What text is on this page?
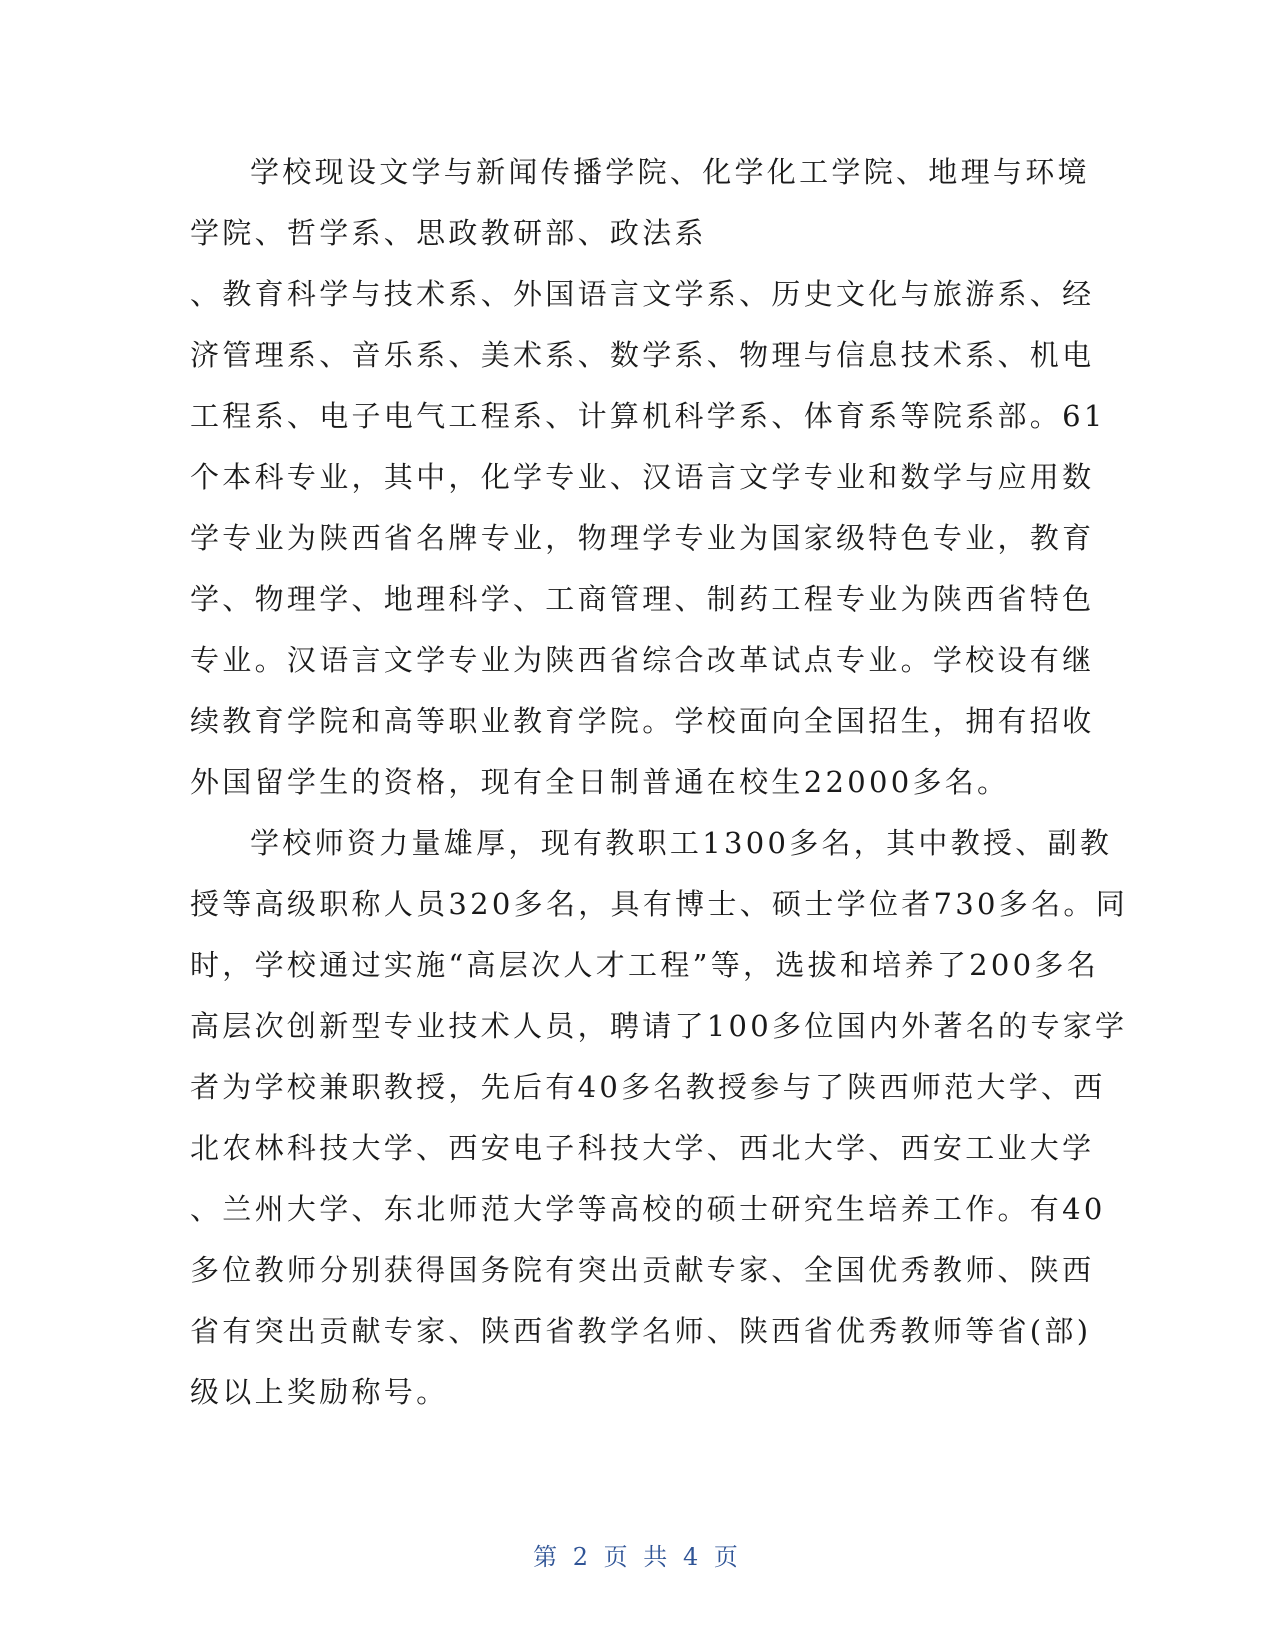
学校现设文学与新闻传播学院、化学化工学院、地理与环境
学院、哲学系、思政教研部、政法系
、教育科学与技术系、外国语言文学系、历史文化与旅游系、经
济管理系、音乐系、美术系、数学系、物理与信息技术系、机电
工程系、电子电气工程系、计算机科学系、体育系等院系部。61
个本科专业，其中，化学专业、汉语言文学专业和数学与应用数
学专业为陕西省名牌专业，物理学专业为国家级特色专业，教育
学、物理学、地理科学、工商管理、制药工程专业为陕西省特色
专业。汉语言文学专业为陕西省综合改革试点专业。学校设有继
续教育学院和高等职业教育学院。学校面向全国招生，拥有招收
外国留学生的资格，现有全日制普通在校生22000多名。
学校师资力量雄厚，现有教职工1300多名，其中教授、副教
授等高级职称人员320多名，具有博士、硕士学位者730多名。同
时，学校通过实施“高层次人才工程”等，选拔和培养了200多名
高层次创新型专业技术人员，聘请了100多位国内外著名的专家学
者为学校兼职教授，先后有40多名教授参与了陕西师范大学、西
北农林科技大学、西安电子科技大学、西北大学、西安工业大学
、兰州大学、东北师范大学等高校的硕士研究生培养工作。有40
多位教师分别获得国务院有突出贡献专家、全国优秀教师、陕西
省有突出贡献专家、陕西省教学名师、陕西省优秀教师等省(部)
级以上奖励称号。
第 2 页 共 4 页
